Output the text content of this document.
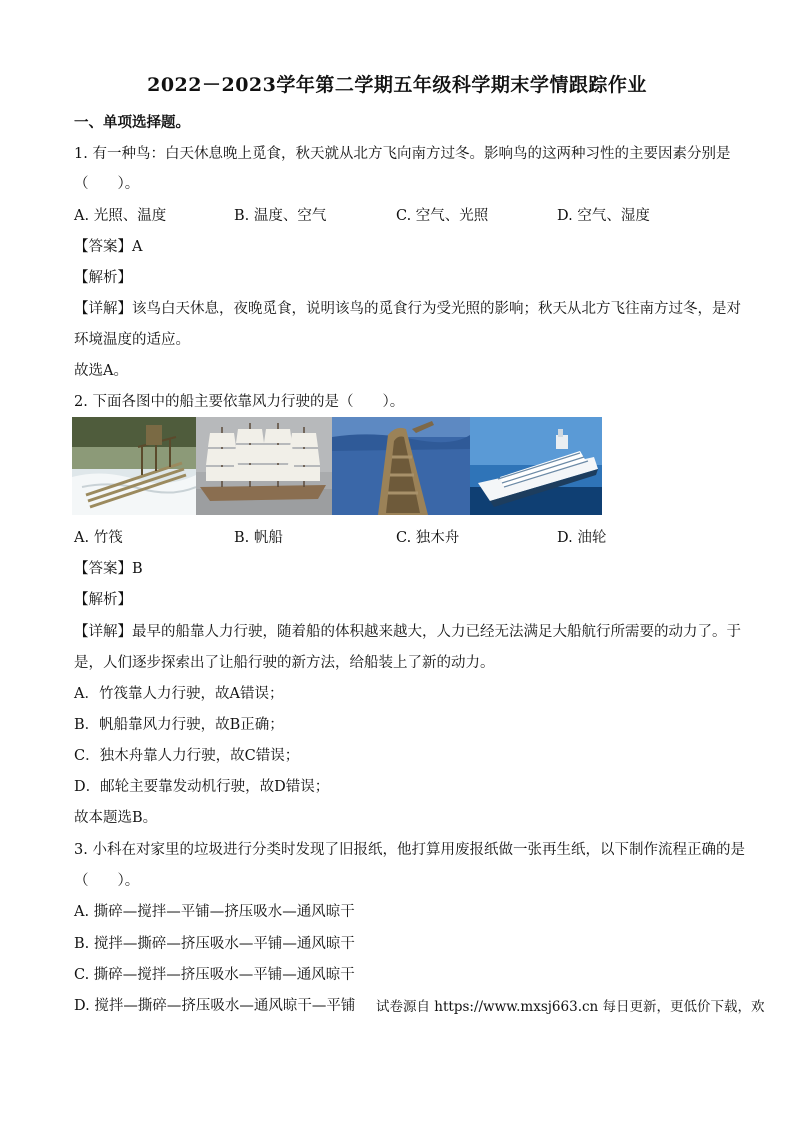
2022－2023学年第二学期五年级科学期末学情跟踪作业
一、单项选择题。
1. 有一种鸟：白天休息晚上觅食，秋天就从北方飞向南方过冬。影响鸟的这两种习性的主要因素分别是
（　　）。
A. 光照、温度	B. 温度、空气	C. 空气、光照	D. 空气、湿度
【答案】A
【解析】
【详解】该鸟白天休息，夜晚觅食，说明该鸟的觅食行为受光照的影响；秋天从北方飞往南方过冬，是对
环境温度的适应。
故选A。
2. 下面各图中的船主要依靠风力行驶的是（　　）。
A. 竹筏	B. 帆船	C. 独木舟	D. 油轮
【答案】B
【解析】
【详解】最早的船靠人力行驶，随着船的体积越来越大，人力已经无法满足大船航行所需要的动力了。于
是，人们逐步探索出了让船行驶的新方法，给船装上了新的动力。
A．竹筏靠人力行驶，故A错误；
B．帆船靠风力行驶，故B正确；
C．独木舟靠人力行驶，故C错误；
D．邮轮主要靠发动机行驶，故D错误；
故本题选B。
3. 小科在对家里的垃圾进行分类时发现了旧报纸，他打算用废报纸做一张再生纸，以下制作流程正确的是
（　　）。
A. 撕碎—搅拌—平铺—挤压吸水—通风晾干
B. 搅拌—撕碎—挤压吸水—平铺—通风晾干
C. 撕碎—搅拌—挤压吸水—平铺—通风晾干
D. 搅拌—撕碎—挤压吸水—通风晾干—平铺 试卷源自 https://www.mxsj663.cn 每日更新，更低价下载，欢
